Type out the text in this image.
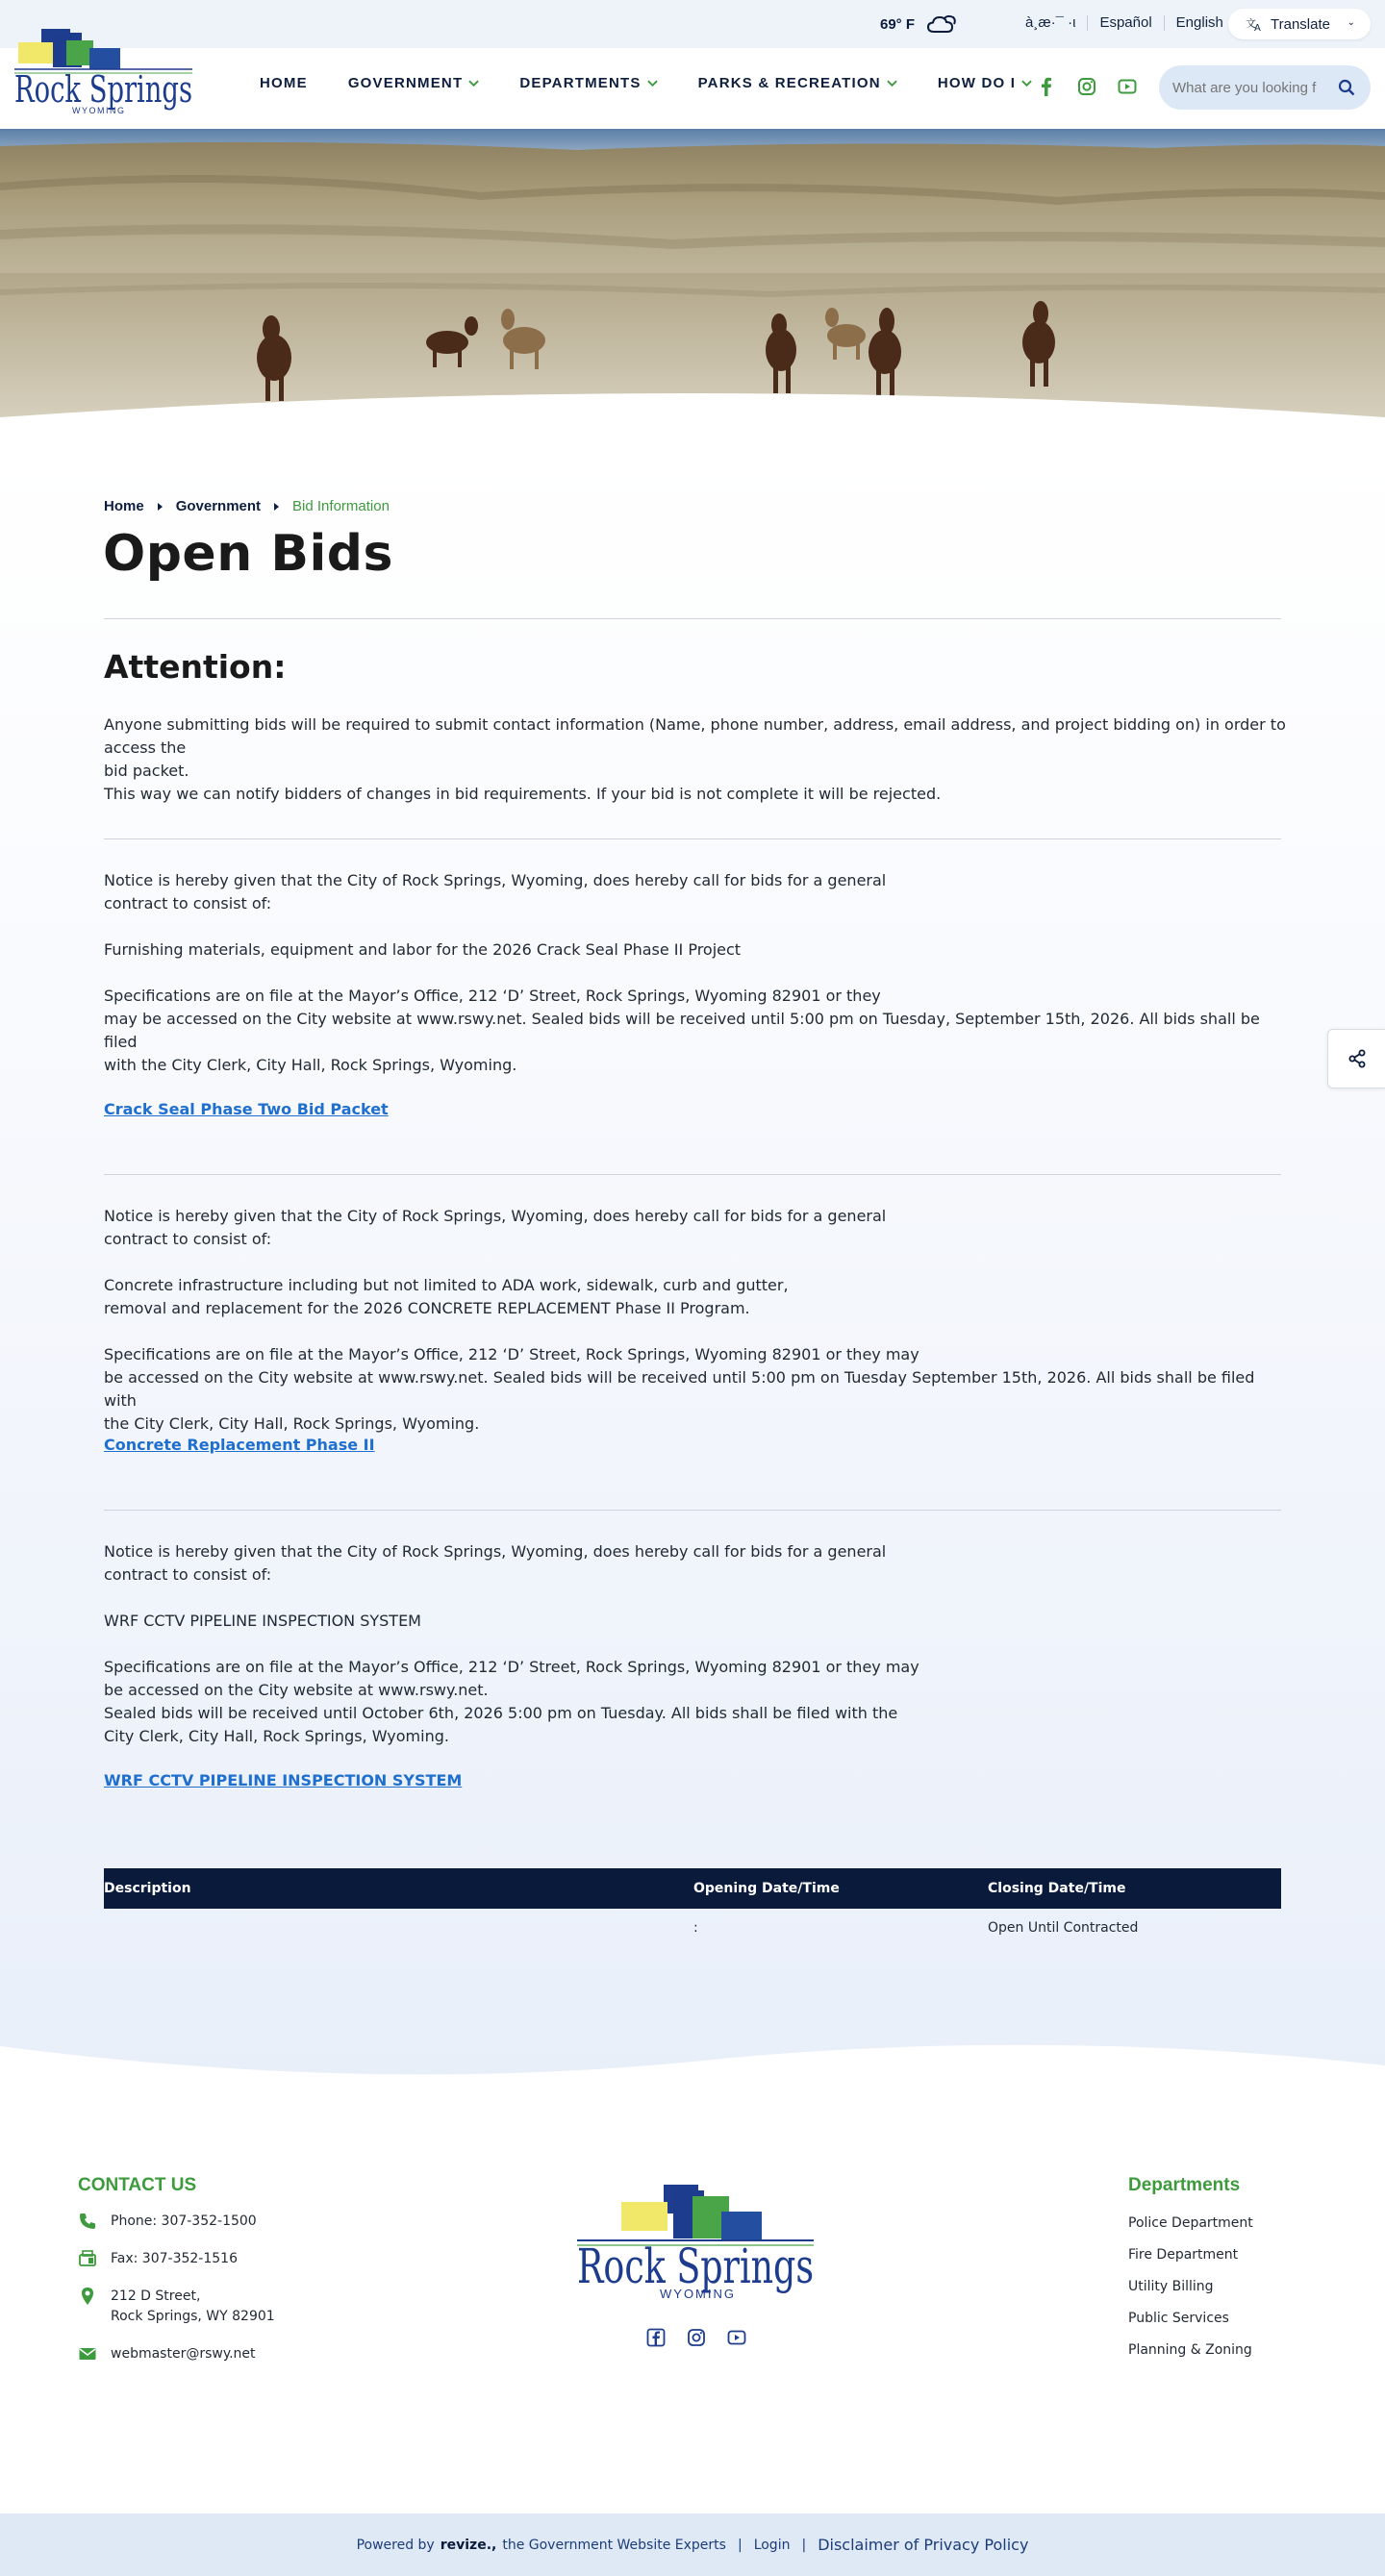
69° F	à¸æ·¯ ·ι	Español	English	文
A Translate ⌄
Rock Springs
WYOMING
HOME	GOVERNMENT	DEPARTMENTS	PARKS & RECREATION	HOW DO I
What are you looking for?
Home Government Bid Information
Open Bids
Attention:

Anyone submitting bids will be required to submit contact information (Name, phone number, address, email address, and project bidding on) in order to access the
bid packet.

This way we can notify bidders of changes in bid requirements. If your bid is not complete it will be rejected.

Notice is hereby given that the City of Rock Springs, Wyoming, does hereby call for bids for a general
contract to consist of:

Furnishing materials, equipment and labor for the 2026 Crack Seal Phase II Project

Specifications are on file at the Mayor’s Office, 212 ‘D’ Street, Rock Springs, Wyoming 82901 or they
may be accessed on the City website at www.rswy.net. Sealed bids will be received until 5:00 pm on Tuesday, September 15th, 2026. All bids shall be filed
with the City Clerk, City Hall, Rock Springs, Wyoming.

Crack Seal Phase Two Bid Packet

Notice is hereby given that the City of Rock Springs, Wyoming, does hereby call for bids for a general
contract to consist of:

Concrete infrastructure including but not limited to ADA work, sidewalk, curb and gutter,
removal and replacement for the 2026 CONCRETE REPLACEMENT Phase II Program.

Specifications are on file at the Mayor’s Office, 212 ‘D’ Street, Rock Springs, Wyoming 82901 or they may
be accessed on the City website at www.rswy.net. Sealed bids will be received until 5:00 pm on Tuesday September 15th, 2026. All bids shall be filed with
the City Clerk, City Hall, Rock Springs, Wyoming.

Concrete Replacement Phase II

Notice is hereby given that the City of Rock Springs, Wyoming, does hereby call for bids for a general
contract to consist of:

WRF CCTV PIPELINE INSPECTION SYSTEM

Specifications are on file at the Mayor’s Office, 212 ‘D’ Street, Rock Springs, Wyoming 82901 or they may
be accessed on the City website at www.rswy.net.
Sealed bids will be received until October 6th, 2026 5:00 pm on Tuesday. All bids shall be filed with the
City Clerk, City Hall, Rock Springs, Wyoming.

WRF CCTV PIPELINE INSPECTION SYSTEM
Description	Opening Date/Time	Closing Date/Time
	:	Open Until Contracted
CONTACT US
Phone: 307-352-1500
Fax: 307-352-1516
212 D Street,
Rock Springs, WY 82901
webmaster@rswy.net
Rock Springs
WYOMING
Departments
Police Department
Fire Department
Utility Billing
Public Services
Planning & Zoning
Powered by revize., the Government Website Experts | Login | Disclaimer of Privacy Policy
